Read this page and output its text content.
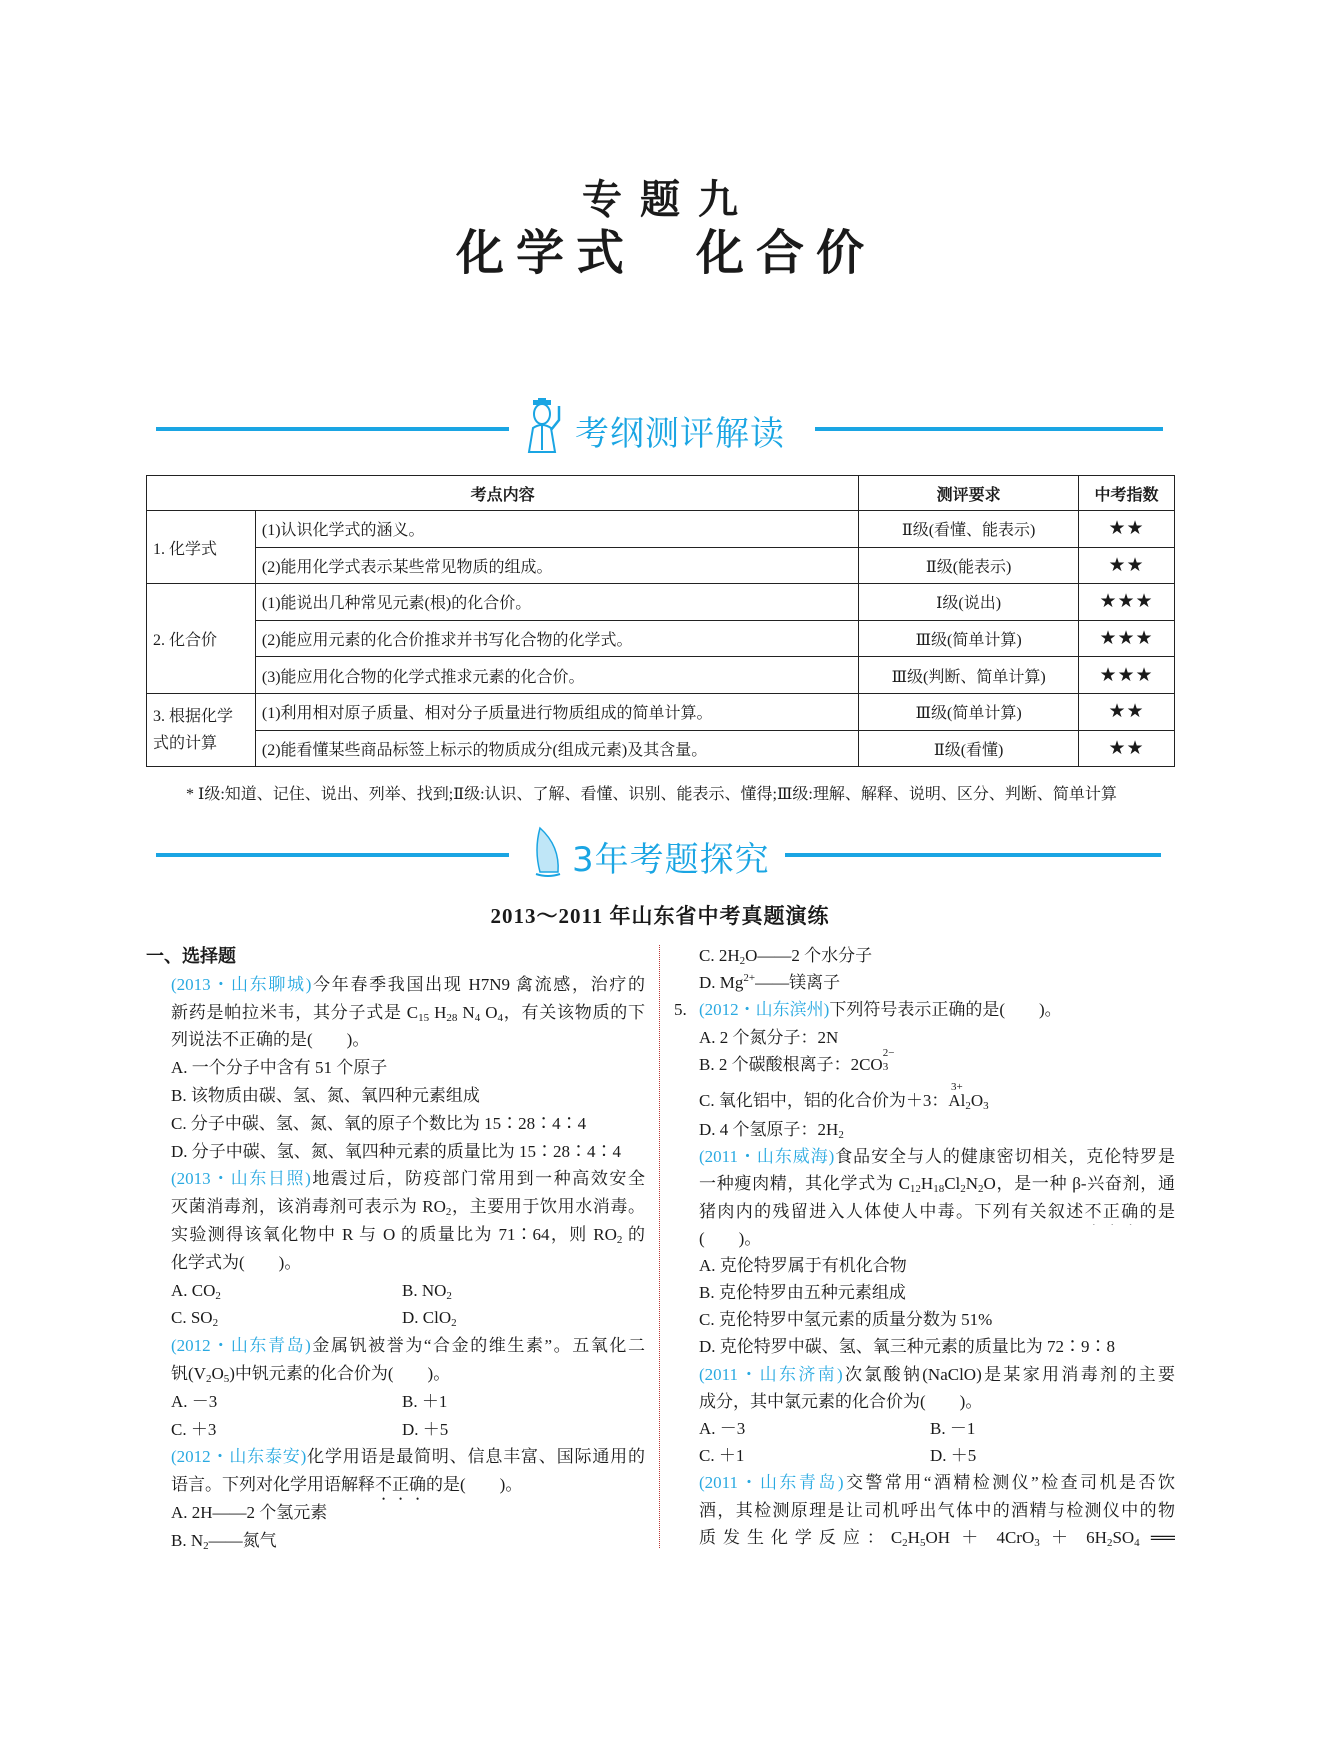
专题九
化学式　化合价
考纲测评解读
考点内容		测评要求	中考指数
1. 化学式	(1)认识化学式的涵义。	Ⅱ级(看懂、能表示)	★★
	(2)能用化学式表示某些常见物质的组成。	Ⅱ级(能表示)	★★
2. 化合价	(1)能说出几种常见元素(根)的化合价。	Ⅰ级(说出)	★★★
	(2)能应用元素的化合价推求并书写化合物的化学式。	Ⅲ级(简单计算)	★★★
	(3)能应用化合物的化学式推求元素的化合价。	Ⅲ级(判断、简单计算)	★★★
3. 根据化学式的计算	(1)利用相对原子质量、相对分子质量进行物质组成的简单计算。	Ⅲ级(简单计算)	★★
	(2)能看懂某些商品标签上标示的物质成分(组成元素)及其含量。	Ⅱ级(看懂)	★★
* Ⅰ级:知道、记住、说出、列举、找到;Ⅱ级:认识、了解、看懂、识别、能表示、懂得;Ⅲ级:理解、解释、说明、区分、判断、简单计算
3年考题探究
2013～2011 年山东省中考真题演练
一、选择题
(2013・山东聊城)今年春季我国出现 H7N9 禽流感，治疗的
新药是帕拉米韦，其分子式是 $C_{15}$ $H_{28}$ $N_4$ $O_4$，有关该物质的下
列说法不正确的是(　　)。
A. 一个分子中含有 51 个原子
B. 该物质由碳、氢、氮、氧四种元素组成
C. 分子中碳、氢、氮、氧的原子个数比为 15∶28∶4∶4
D. 分子中碳、氢、氮、氧四种元素的质量比为 15∶28∶4∶4
(2013・山东日照)地震过后，防疫部门常用到一种高效安全
灭菌消毒剂，该消毒剂可表示为 $RO_2$，主要用于饮用水消毒。
实验测得该氧化物中 R 与 O 的质量比为 71∶64，则 $RO_2$ 的
化学式为(　　)。
A. $CO_2$	B. $NO_2$
C. $SO_2$	D. ClO$_2$
(2012・山东青岛)金属钒被誉为“合金的维生素”。五氧化二
钒$(V_2O_5)$中钒元素的化合价为(　　)。
A. －3	B. ＋1
C. ＋3	D. ＋5
(2012・山东泰安)化学用语是最简明、信息丰富、国际通用的
语言。下列对化学用语解释不正确的是(　　)。
A. 2H——2 个氢元素
B. $N_2——$氮气
C. $2H_2O——2$ 个水分子
D. $Mg^{2+}——$镁离子
5. (2012・山东滨州)下列符号表示正确的是(　　)。
A. 2 个氮分子：2N
B. 2 个碳酸根离子：2CO 3
2−
C. 氧化铝中，铝的化合价为＋3：$Al3+_2O_3$
D. 4 个氢原子：$2H_2$
(2011・山东威海)食品安全与人的健康密切相关，克伦特罗是
一种瘦肉精，其化学式为 $C_{12}H_{18}Cl_2N_2O$，是一种 β-兴奋剂，通
猪肉内的残留进入人体使人中毒。下列有关叙述不正确的是
(　　)。
A. 克伦特罗属于有机化合物
B. 克伦特罗由五种元素组成
C. 克伦特罗中氢元素的质量分数为 51%
D. 克伦特罗中碳、氢、氧三种元素的质量比为 72∶9∶8
(2011・山东济南)次氯酸钠(NaClO)是某家用消毒剂的主要
成分，其中氯元素的化合价为(　　)。
A. －3	B. －1
C. ＋1	D. ＋5
(2011・山东青岛)交警常用“酒精检测仪”检查司机是否饮
酒，其检测原理是让司机呼出气体中的酒精与检测仪中的物
质发生化学反应：$C_2H_5OH + 4CrO_3 + 6H_2SO_4$ ══
